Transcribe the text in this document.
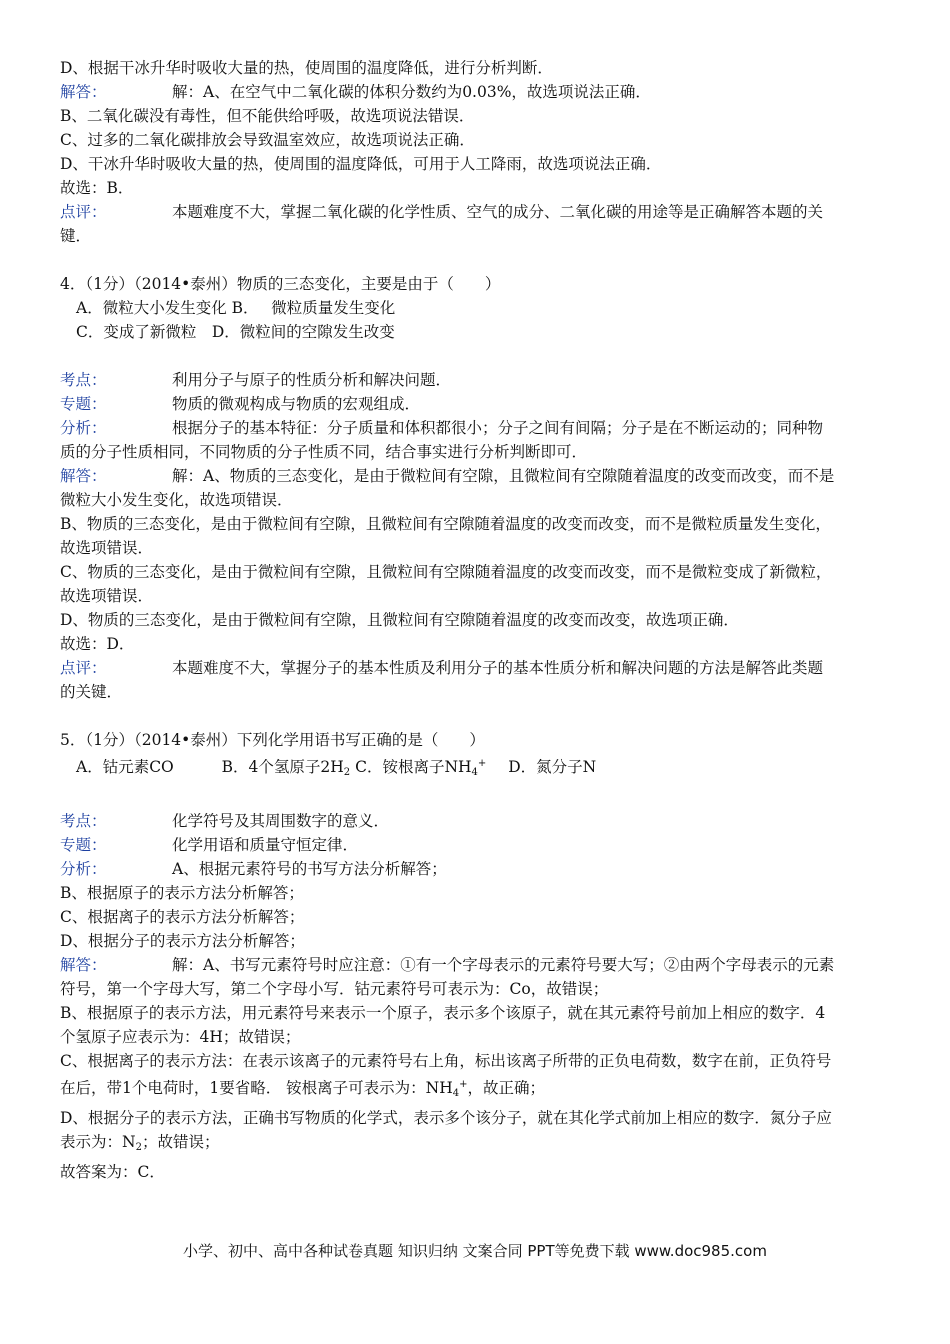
D、根据干冰升华时吸收大量的热，使周围的温度降低，进行分析判断．
解答：	解：A、在空气中二氧化碳的体积分数约为0.03%，故选项说法正确．
B、二氧化碳没有毒性，但不能供给呼吸，故选项说法错误．
C、过多的二氧化碳排放会导致温室效应，故选项说法正确．
D、干冰升华时吸收大量的热，使周围的温度降低，可用于人工降雨，故选项说法正确．
故选：B．
点评：	本题难度不大，掌握二氧化碳的化学性质、空气的成分、二氧化碳的用途等是正确解答本题的关
键．
4．（1分）（2014•泰州）物质的三态变化，主要是由于（　　）
A．微粒大小发生变化 B．　 微粒质量发生变化
C．变成了新微粒　D．微粒间的空隙发生改变
考点：	利用分子与原子的性质分析和解决问题．
专题：	物质的微观构成与物质的宏观组成．
分析：	根据分子的基本特征：分子质量和体积都很小；分子之间有间隔；分子是在不断运动的；同种物
质的分子性质相同，不同物质的分子性质不同，结合事实进行分析判断即可．
解答：	解：A、物质的三态变化，是由于微粒间有空隙，且微粒间有空隙随着温度的改变而改变，而不是
微粒大小发生变化，故选项错误．
B、物质的三态变化，是由于微粒间有空隙，且微粒间有空隙随着温度的改变而改变，而不是微粒质量发生变化，
故选项错误．
C、物质的三态变化，是由于微粒间有空隙，且微粒间有空隙随着温度的改变而改变，而不是微粒变成了新微粒，
故选项错误．
D、物质的三态变化，是由于微粒间有空隙，且微粒间有空隙随着温度的改变而改变，故选项正确．
故选：D．
点评：	本题难度不大，掌握分子的基本性质及利用分子的基本性质分析和解决问题的方法是解答此类题
的关键．
5．（1分）（2014•泰州）下列化学用语书写正确的是（　　）
A．钴元素CO	B．4个氢原子$2H_2$ C．铵根离子$NH_4^+$ D．氮分子N
考点：	化学符号及其周围数字的意义．
专题：	化学用语和质量守恒定律．
分析：	A、根据元素符号的书写方法分析解答；
B、根据原子的表示方法分析解答；
C、根据离子的表示方法分析解答；
D、根据分子的表示方法分析解答；
解答：	解：A、书写元素符号时应注意：①有一个字母表示的元素符号要大写；②由两个字母表示的元素
符号，第一个字母大写，第二个字母小写．钴元素符号可表示为：Co，故错误；
B、根据原子的表示方法，用元素符号来表示一个原子，表示多个该原子，就在其元素符号前加上相应的数字．4
个氢原子应表示为：4H；故错误；
C、根据离子的表示方法：在表示该离子的元素符号右上角，标出该离子所带的正负电荷数，数字在前，正负符号
在后，带1个电荷时，1要省略． 铵根离子可表示为：$NH_4^+$，故正确；
D、根据分子的表示方法，正确书写物质的化学式，表示多个该分子，就在其化学式前加上相应的数字．氮分子应
表示为：$N_2$；故错误；
故答案为：C．
小学、初中、高中各种试卷真题 知识归纳 文案合同 PPT等免费下载 www.doc985.com
